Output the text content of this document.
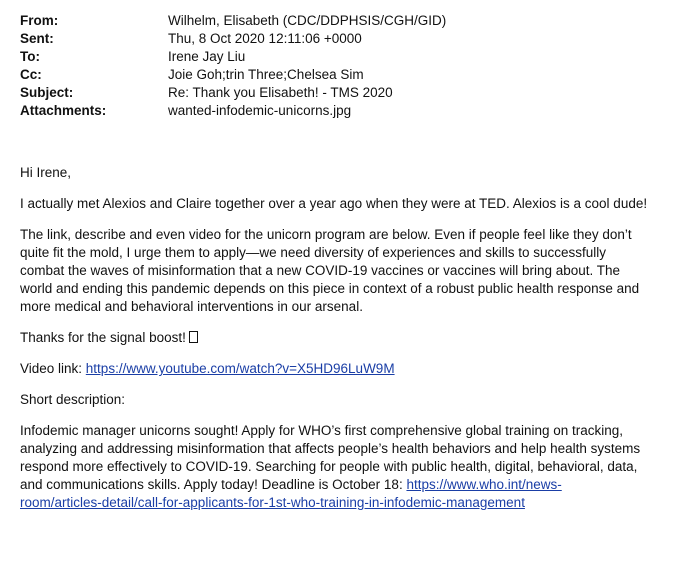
From:	Wilhelm, Elisabeth (CDC/DDPHSIS/CGH/GID)
Sent:	Thu, 8 Oct 2020 12:11:06 +0000
To:	Irene Jay Liu
Cc:	Joie Goh;trin Three;Chelsea Sim
Subject:	Re: Thank you Elisabeth! - TMS 2020
Attachments:	wanted-infodemic-unicorns.jpg

Hi Irene,

I actually met Alexios and Claire together over a year ago when they were at TED. Alexios is a cool dude!

The link, describe and even video for the unicorn program are below. Even if people feel like they don’t
quite fit the mold, I urge them to apply—we need diversity of experiences and skills to successfully
combat the waves of misinformation that a new COVID-19 vaccines or vaccines will bring about. The
world and ending this pandemic depends on this piece in context of a robust public health response and
more medical and behavioral interventions in our arsenal.

Thanks for the signal boost!

Video link: https://www.youtube.com/watch?v=X5HD96LuW9M

Short description:

Infodemic manager unicorns sought! Apply for WHO’s first comprehensive global training on tracking,
analyzing and addressing misinformation that affects people’s health behaviors and help health systems
respond more effectively to COVID-19. Searching for people with public health, digital, behavioral, data,
and communications skills. Apply today! Deadline is October 18: https://www.who.int/news-
room/articles-detail/call-for-applicants-for-1st-who-training-in-infodemic-management
